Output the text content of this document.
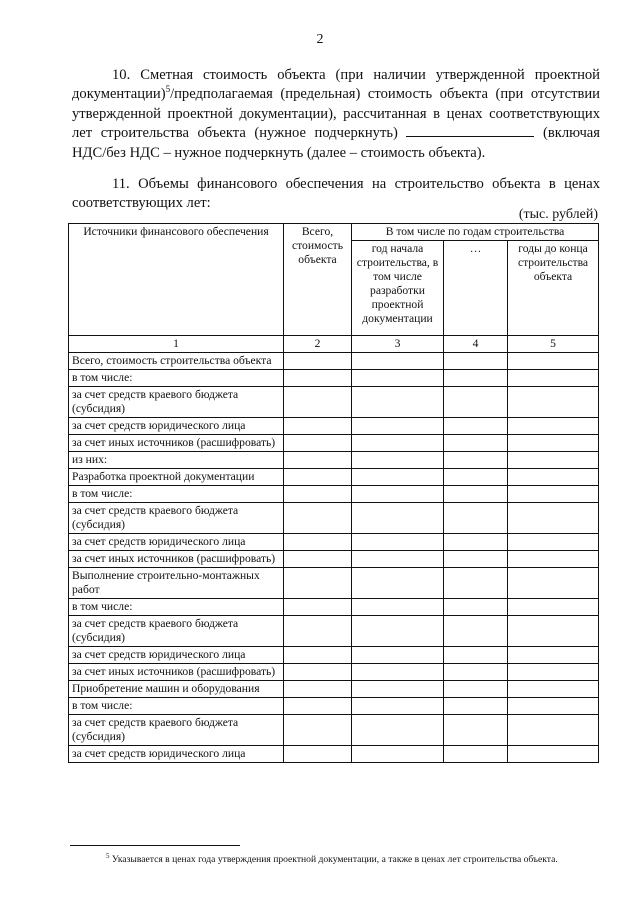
2
10. Сметная стоимость объекта (при наличии утвержденной проектной документации)$^5$/предполагаемая (предельная) стоимость объекта (при отсутствии утвержденной проектной документации), рассчитанная в ценах соответствующих лет строительства объекта (нужное подчеркнуть)	(включая НДС/без НДС – нужное подчеркнуть (далее – стоимость объекта).
11. Объемы финансового обеспечения на строительство объекта в ценах соответствующих лет:
(тыс. рублей)
Источники финансового обеспечения	Всего, стоимость объекта	В том числе по годам строительства		
		год начала строительства, в том числе разработки проектной документации	…	годы до конца строительства объекта
1	2	3	4	5
Всего, стоимость строительства объекта				
в том числе:				
за счет средств краевого бюджета (субсидия)				
за счет средств юридического лица				
за счет иных источников (расшифровать)				
из них:				
Разработка проектной документации				
в том числе:				
за счет средств краевого бюджета (субсидия)				
за счет средств юридического лица				
за счет иных источников (расшифровать)				
Выполнение строительно-монтажных работ				
в том числе:				
за счет средств краевого бюджета (субсидия)				
за счет средств юридического лица				
за счет иных источников (расшифровать)				
Приобретение машин и оборудования				
в том числе:				
за счет средств краевого бюджета (субсидия)				
за счет средств юридического лица				
$^5$ Указывается в ценах года утверждения проектной документации, а также в ценах лет строительства объекта.
